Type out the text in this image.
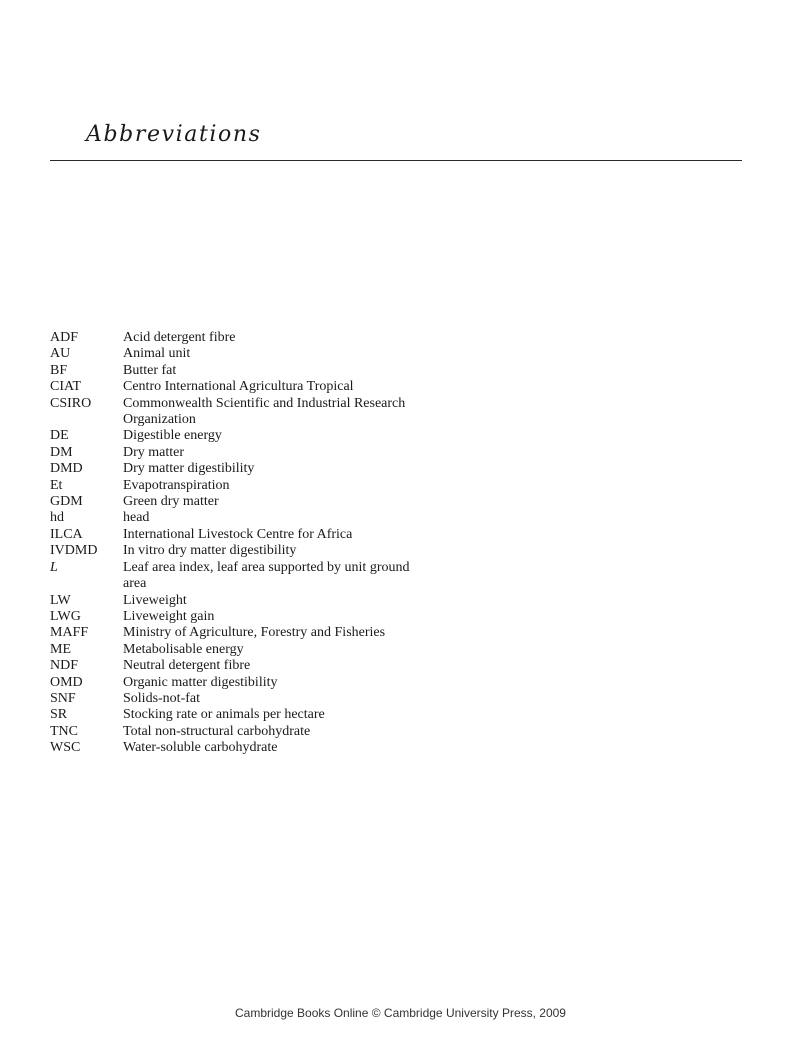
Abbreviations
ADF	Acid detergent fibre
AU	Animal unit
BF	Butter fat
CIAT	Centro International Agricultura Tropical
CSIRO	Commonwealth Scientific and Industrial Research Organization
DE	Digestible energy
DM	Dry matter
DMD	Dry matter digestibility
Et	Evapotranspiration
GDM	Green dry matter
hd	head
ILCA	International Livestock Centre for Africa
IVDMD	In vitro dry matter digestibility
L	Leaf area index, leaf area supported by unit ground area
LW	Liveweight
LWG	Liveweight gain
MAFF	Ministry of Agriculture, Forestry and Fisheries
ME	Metabolisable energy
NDF	Neutral detergent fibre
OMD	Organic matter digestibility
SNF	Solids-not-fat
SR	Stocking rate or animals per hectare
TNC	Total non-structural carbohydrate
WSC	Water-soluble carbohydrate
Cambridge Books Online © Cambridge University Press, 2009
